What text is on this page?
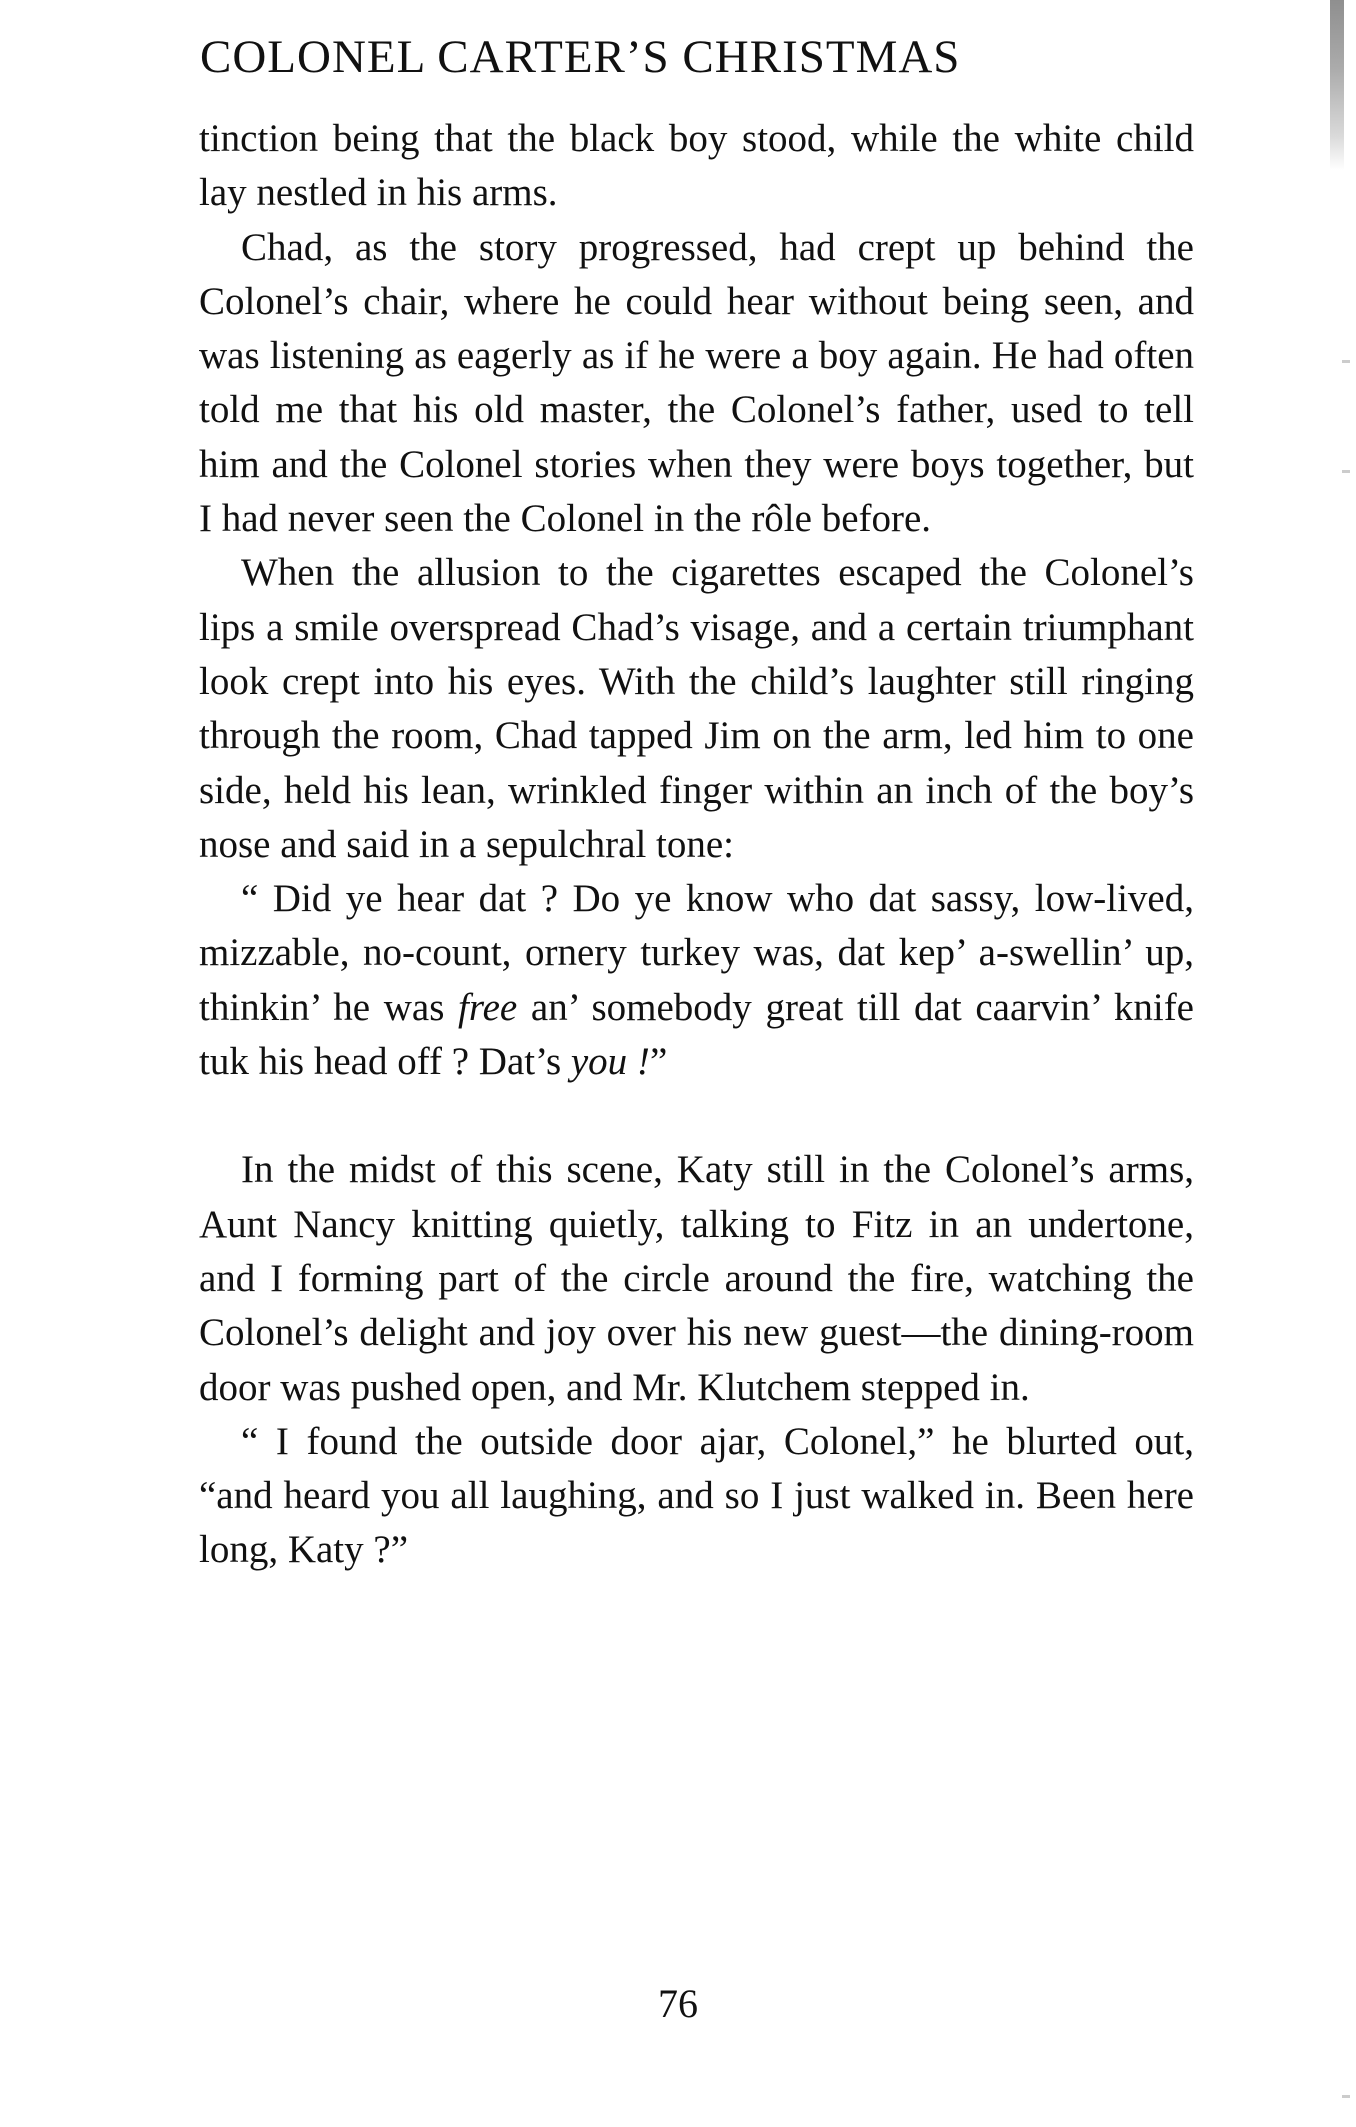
COLONEL CARTER’S CHRISTMAS

tinction being that the black boy stood, while the white child lay nestled in his arms.

Chad, as the story progressed, had crept up behind the Colonel’s chair, where he could hear without being seen, and was listening as eagerly as if he were a boy again. He had often told me that his old master, the Colonel’s father, used to tell him and the Colonel stories when they were boys together, but I had never seen the Colonel in the rôle before.

When the allusion to the cigarettes escaped the Colonel’s lips a smile overspread Chad’s visage, and a certain triumphant look crept into his eyes. With the child’s laughter still ringing through the room, Chad tapped Jim on the arm, led him to one side, held his lean, wrinkled finger within an inch of the boy’s nose and said in a sepulchral tone:

“ Did ye hear dat ? Do ye know who dat sassy, low-lived, mizzable, no-count, ornery turkey was, dat kep’ a-swellin’ up, thinkin’ he was free an’ somebody great till dat caarvin’ knife tuk his head off ? Dat’s you !”

In the midst of this scene, Katy still in the Colonel’s arms, Aunt Nancy knitting quietly, talking to Fitz in an undertone, and I forming part of the circle around the fire, watching the Colonel’s delight and joy over his new guest—the dining-room door was pushed open, and Mr. Klutchem stepped in.

“ I found the outside door ajar, Colonel,” he blurted out, “and heard you all laughing, and so I just walked in. Been here long, Katy ?”

76
